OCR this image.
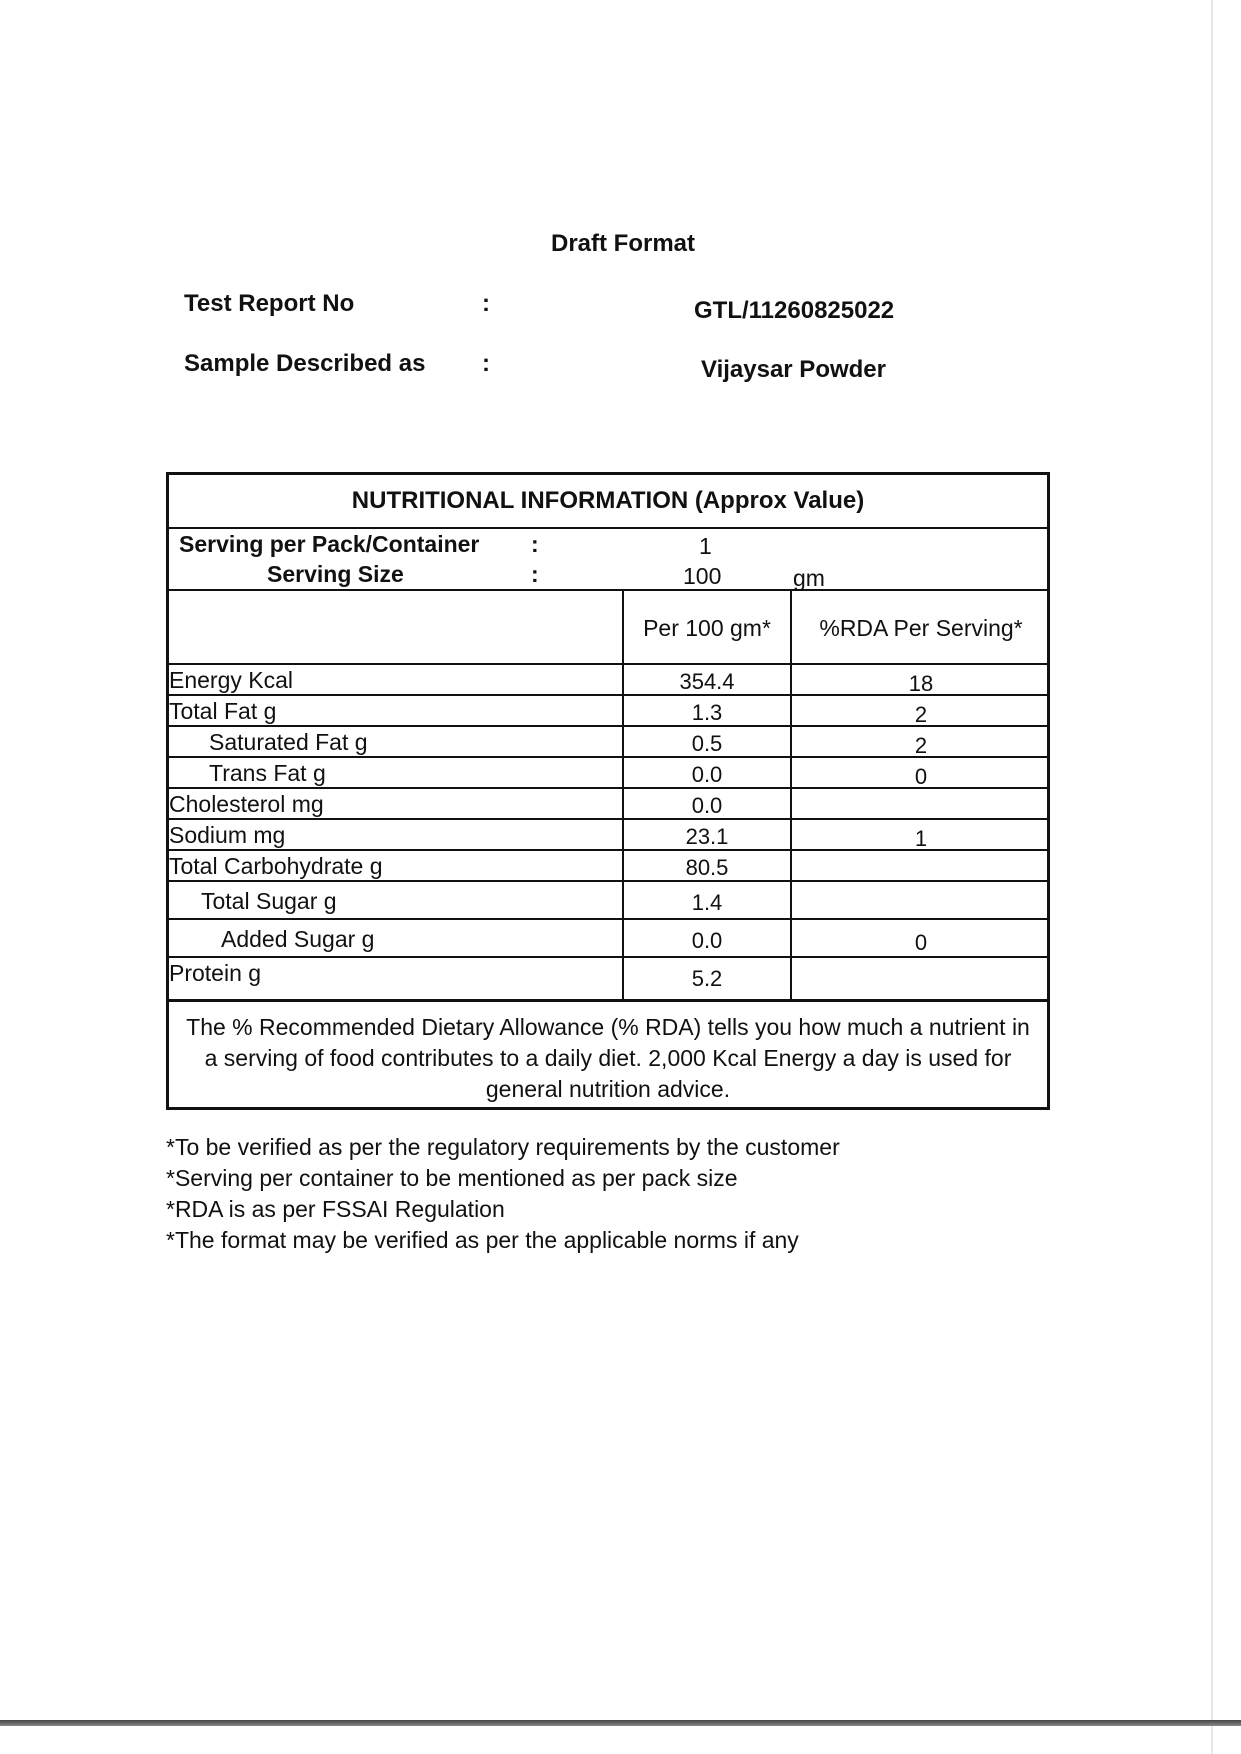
Draft Format
Test Report No	:	GTL/11260825022
Sample Described as :	Vijaysar Powder
NUTRITIONAL INFORMATION (Approx Value)
Serving per Pack/Container :	1
Serving Size	:	100	gm
Per 100 gm*	%RDA Per Serving*
Energy Kcal	354.4	18
Total Fat g	1.3	2
Saturated Fat g	0.5	2
Trans Fat g	0.0	0
Cholesterol mg	0.0
Sodium mg	23.1	1
Total Carbohydrate g	80.5
Total Sugar g	1.4
Added Sugar g	0.0	0
Protein g	5.2
The % Recommended Dietary Allowance (% RDA) tells you how much a nutrient in a serving of food contributes to a daily diet. 2,000 Kcal Energy a day is used for general nutrition advice.
*To be verified as per the regulatory requirements by the customer
*Serving per container to be mentioned as per pack size
*RDA is as per FSSAI Regulation
*The format may be verified as per the applicable norms if any
